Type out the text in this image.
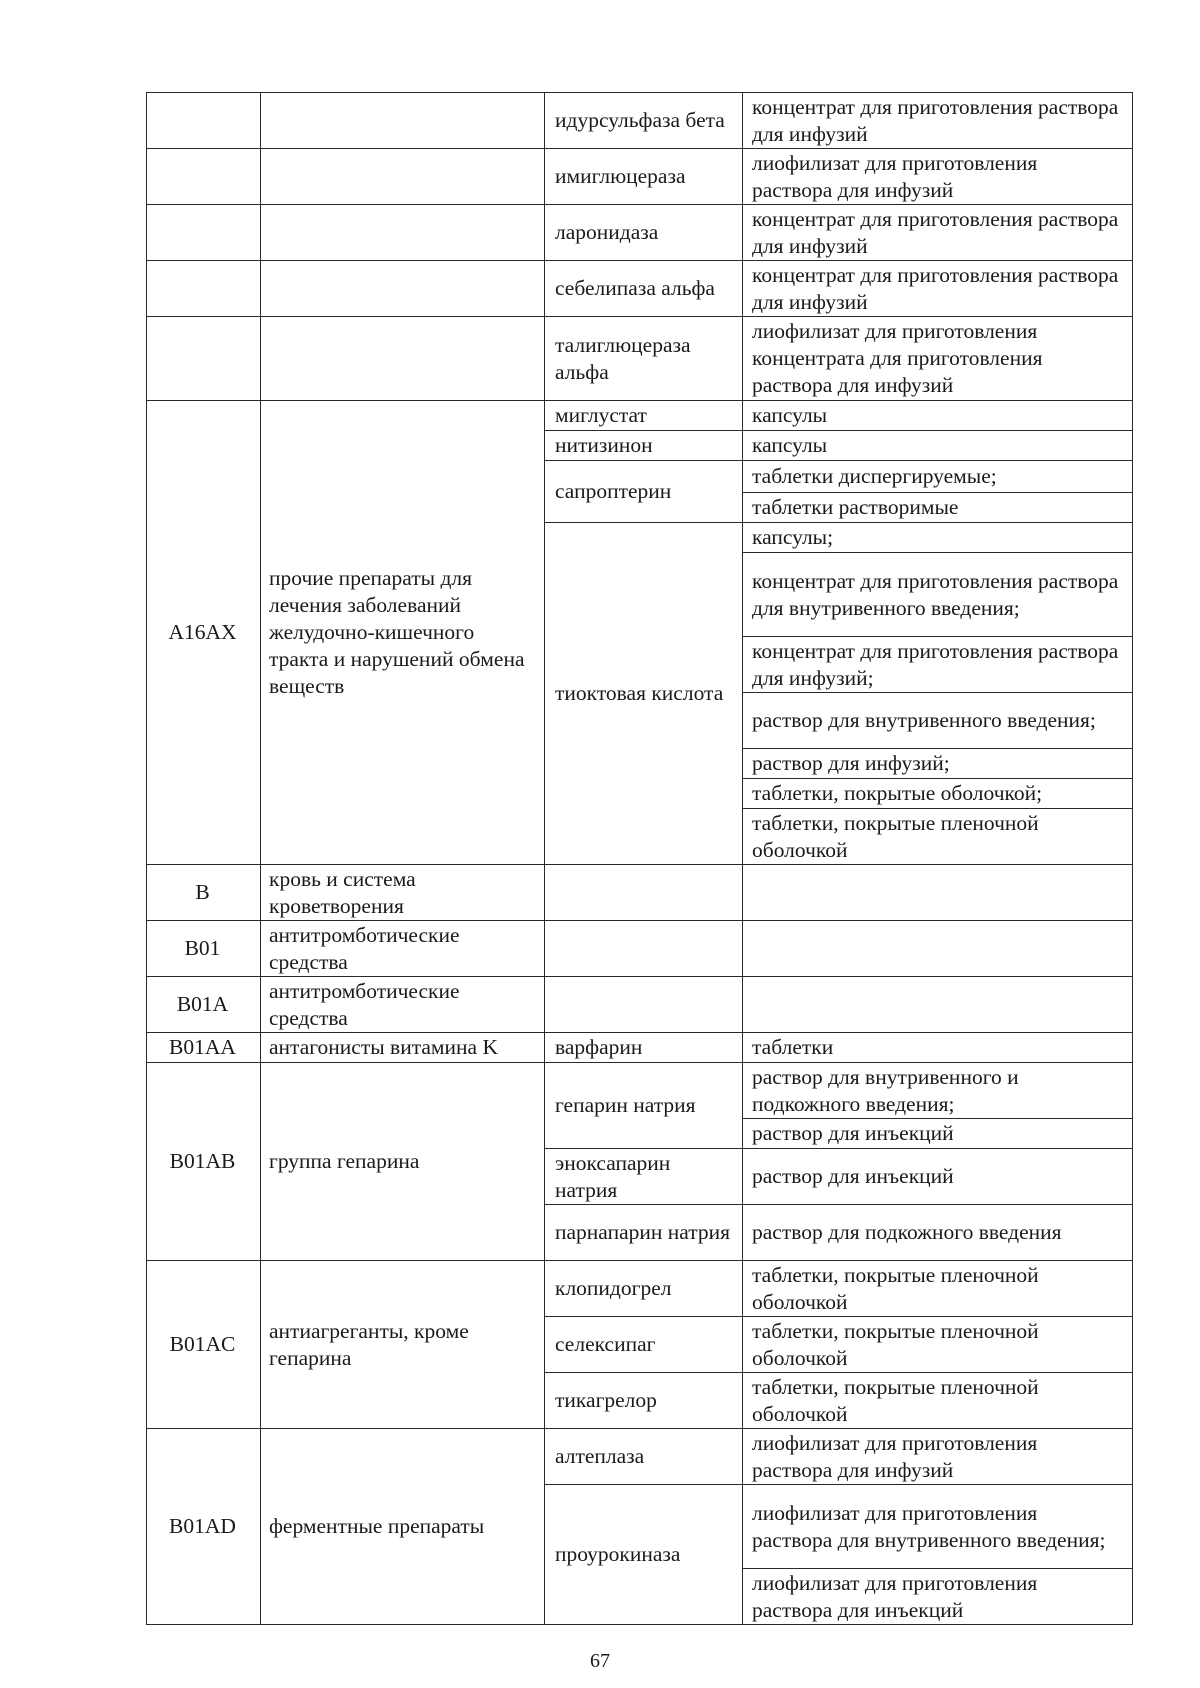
		идурсульфаза бета	концентрат для приготовления раствора для инфузий
		имиглюцераза	лиофилизат для приготовления раствора для инфузий
		ларонидаза	концентрат для приготовления раствора для инфузий
		себелипаза альфа	концентрат для приготовления раствора для инфузий
		талиглюцераза альфа	лиофилизат для приготовления концентрата для приготовления раствора для инфузий
A16AX	прочие препараты для лечения заболеваний желудочно-кишечного тракта и нарушений обмена веществ	миглустат	капсулы
		нитизинон	капсулы
		сапроптерин	таблетки диспергируемые;
			таблетки растворимые
		тиоктовая кислота	капсулы;
			концентрат для приготовления раствора для внутривенного введения;
			концентрат для приготовления раствора для инфузий;
			раствор для внутривенного введения;
			раствор для инфузий;
			таблетки, покрытые оболочкой;
			таблетки, покрытые пленочной оболочкой
B	кровь и система кроветворения		
B01	антитромботические средства		
B01A	антитромботические средства		
B01AA	антагонисты витамина K	варфарин	таблетки
B01AB	группа гепарина	гепарин натрия	раствор для внутривенного и подкожного введения;
			раствор для инъекций
		эноксапарин натрия	раствор для инъекций
		парнапарин натрия	раствор для подкожного введения
B01AC	антиагреганты, кроме гепарина	клопидогрел	таблетки, покрытые пленочной оболочкой
		селексипаг	таблетки, покрытые пленочной оболочкой
		тикагрелор	таблетки, покрытые пленочной оболочкой
B01AD	ферментные препараты	алтеплаза	лиофилизат для приготовления раствора для инфузий
		проурокиназа	лиофилизат для приготовления раствора для внутривенного введения;
			лиофилизат для приготовления раствора для инъекций
67
